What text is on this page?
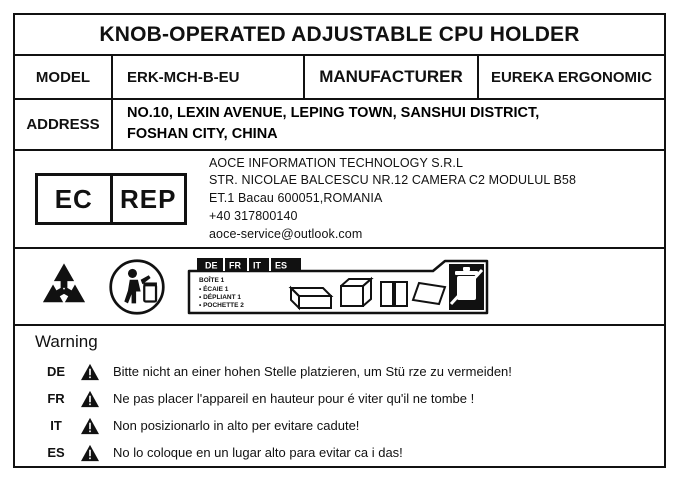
KNOB-OPERATED ADJUSTABLE CPU HOLDER
MODEL	ERK-MCH-B-EU	MANUFACTURER	EUREKA ERGONOMIC
ADDRESS
NO.10, LEXIN AVENUE, LEPING TOWN, SANSHUI DISTRICT,
FOSHAN CITY, CHINA
EC	REP
AOCE INFORMATION TECHNOLOGY S.R.L
STR. NICOLAE BALCESCU NR.12 CAMERA C2 MODULUL B58
ET.1 Bacau 600051,ROMANIA
+40 317800140
aoce-service@outlook.com
DE FR IT ES
BOÎTE 1
• ÉCAIE 1
• DÉPLIANT 1
• POCHETTE 2
Warning
DE	Bitte nicht an einer hohen Stelle platzieren, um Stü rze zu vermeiden!
FR	Ne pas placer l'appareil en hauteur pour é viter qu'il ne tombe !
IT	Non posizionarlo in alto per evitare cadute!
ES	No lo coloque en un lugar alto para evitar ca i das!
